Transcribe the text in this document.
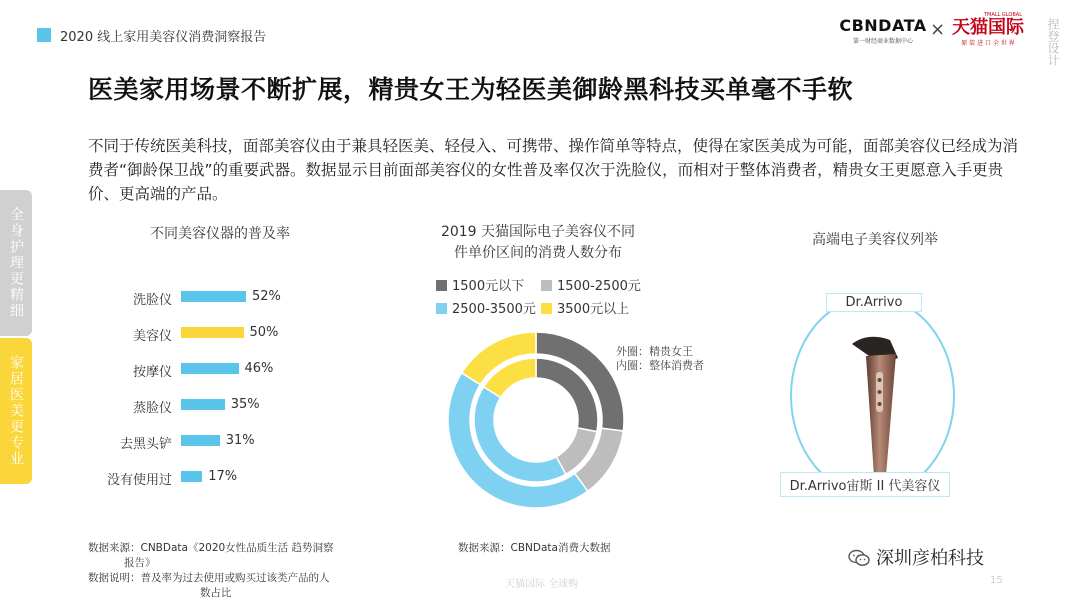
2020 线上家用美容仪消费洞察报告
CBNDATA
第一财经商业数据中心
×
TMALL GLOBAL
天猫国际
原 装 进 口 全 世 界	捏登设计
医美家用场景不断扩展，精贵女王为轻医美御龄黑科技买单毫不手软
不同于传统医美科技，面部美容仪由于兼具轻医美、轻侵入、可携带、操作简单等特点，使得在家医美成为可能，面部美容仪已经成为消费者“御龄保卫战”的重要武器。数据显示目前面部美容仪的女性普及率仅次于洗脸仪，而相对于整体消费者，精贵女王更愿意入手更贵价、更高端的产品。
全身护理更精细
家居医美更专业
不同美容仪器的普及率
洗脸仪	52%
美容仪	50%
按摩仪	46%
蒸脸仪	35%
去黑头铲	31%
没有使用过	17%
2019 天猫国际电子美容仪不同
件单价区间的消费人数分布
1500元以下	1500-2500元
2500-3500元	3500元以上
外圈：精贵女王
内圈：整体消费者
高端电子美容仪列举
Dr.Arrivo
Dr.Arrivo宙斯 II 代美容仪
数据来源：CNBData《2020女性品质生活 趋势洞察
报告》
数据说明：普及率为过去使用或购买过该类产品的人
数占比
数据来源：CBNData消费大数据
天猫国际 全球购	15
深圳彦柏科技
